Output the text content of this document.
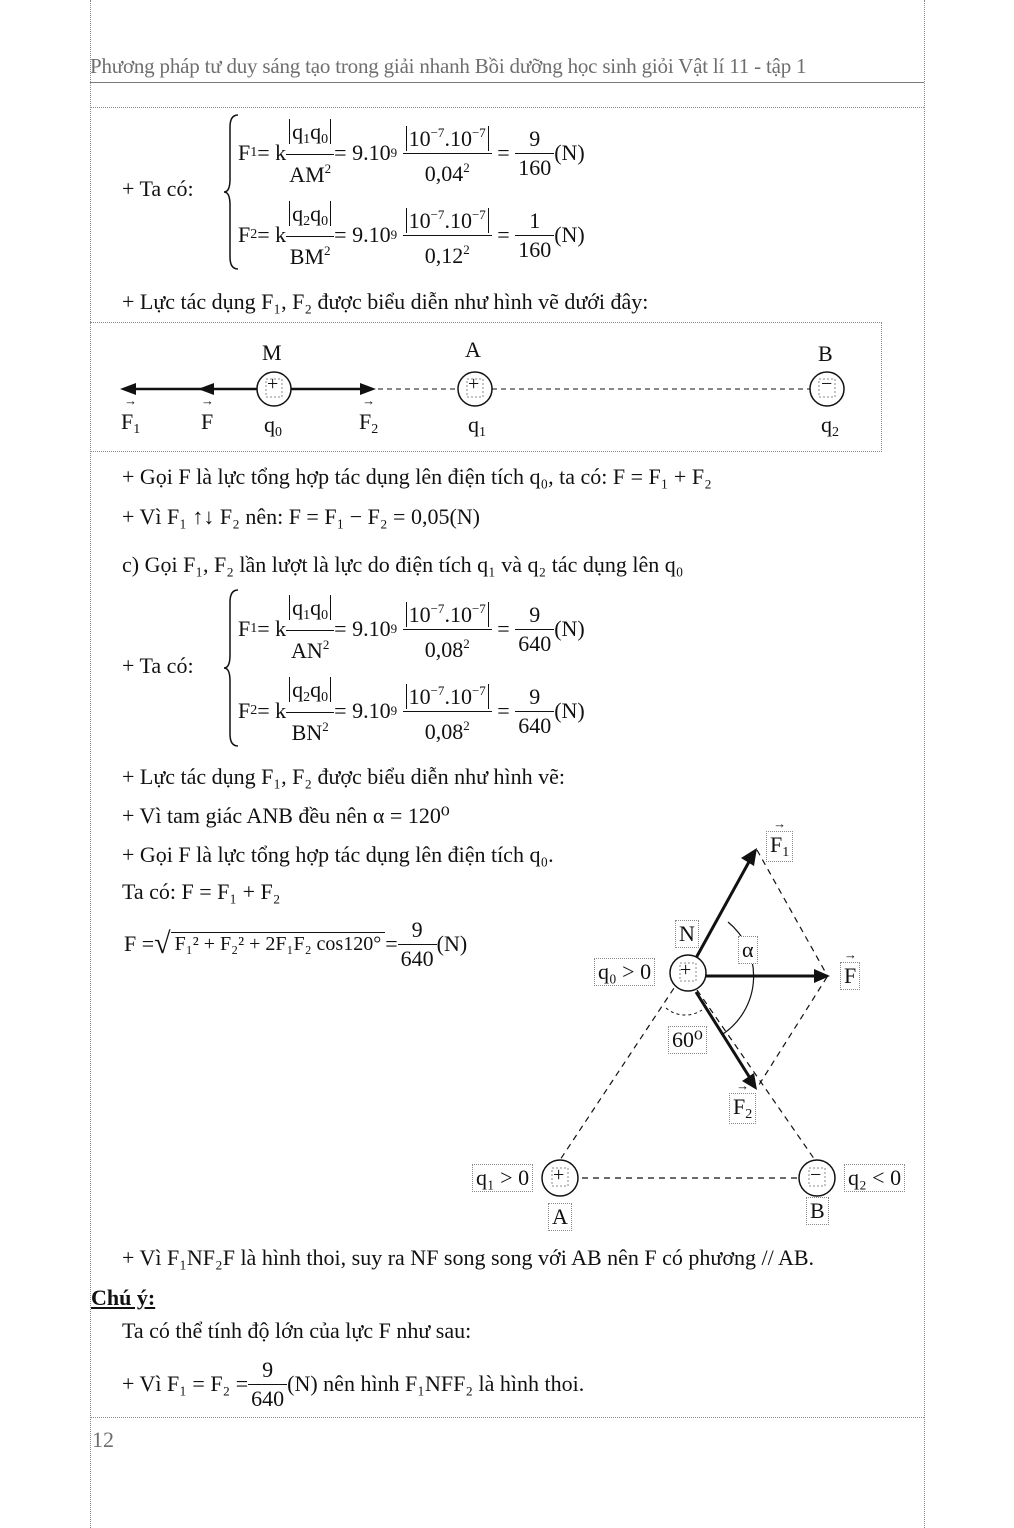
Phương pháp tư duy sáng tạo trong giải nhanh Bồi dưỡng học sinh giỏi Vật lí 11 - tập 1
+ Ta có:
F 1 = k $\frac{q_1q_0}{AM^2} = 9.10$ 9
$\frac{10^{-7}.10^{-7}}{0,04^2} = \frac{9}{160} (N)$
F 2 = k $\frac{q_2q_0}{BM^2} = 9.10$ 9
$\frac{10^{-7}.10^{-7}}{0,12^2} = \frac{1}{160} (N)$
+ Lực tác dụng F₁, F₂ được biểu diễn như hình vẽ dưới đây:
M	A	B
+	+	−
→ $F_1$	→ F $q_0$	→ $F_2$	$q_1$	$q_2$
+ Gọi F là lực tổng hợp tác dụng lên điện tích q₀, ta có: F = F₁ + F₂
+ Vì F₁ ↑↓ F₂ nên: F = F₁ − F₂ = 0,05(N)
c) Gọi F₁, F₂ lần lượt là lực do điện tích q₁ và q₂ tác dụng lên q₀
+ Ta có:
F 1 = k $\frac{q_1q_0}{AN^2} = 9.10$ 9
$\frac{10^{-7}.10^{-7}}{0,08^2} = \frac{9}{640} (N)$
F 2 = k $\frac{q_2q_0}{BN^2} = 9.10$ 9
$\frac{10^{-7}.10^{-7}}{0,08^2} = \frac{9}{640} (N)$
+ Lực tác dụng F₁, F₂ được biểu diễn như hình vẽ:
+ Vì tam giác ANB đều nên α = 120⁰
+ Gọi F là lực tổng hợp tác dụng lên điện tích q₀.
Ta có: F = F₁ + F₂
F = √ F₁² + F₂² + 2F₁F₂ $\cos 120^\circ = \frac{9}{640} (N)$
→ $F_1$
N
α
→ F
q₀ > 0 +
60⁰
→ $F_2$
q₁ > 0 +	− q₂ < 0
A	B
+ Vì F₁NF₂F là hình thoi, suy ra NF song song với AB nên F có phương // AB.
Chú ý:
Ta có thể tính độ lớn của lực F như sau:
+ Vì $F_1 = F_2 = \frac{9}{640} (N)$ nên hình F₁NFF₂ là hình thoi.
12
